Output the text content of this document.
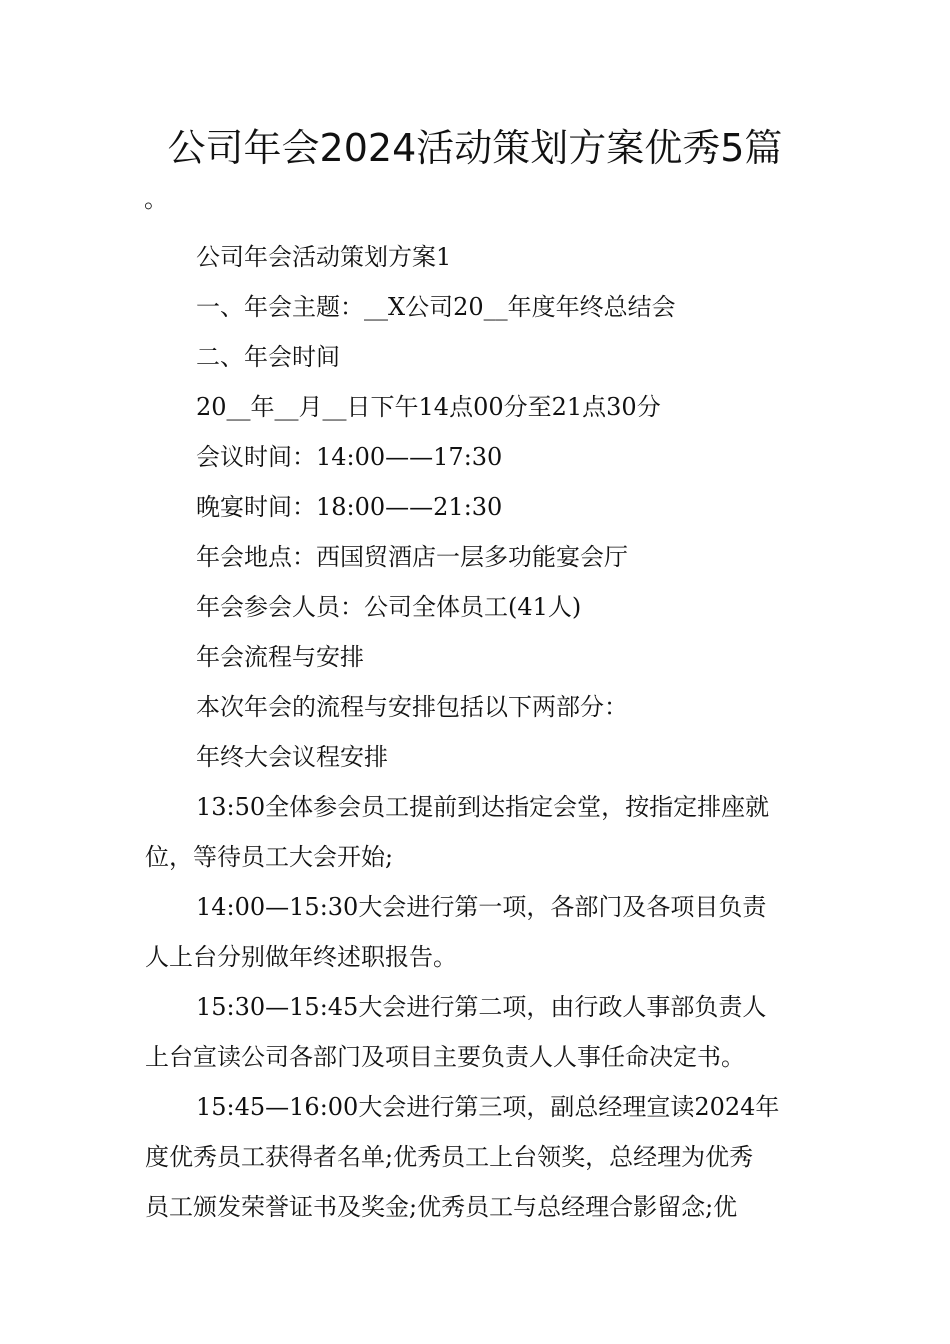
公司年会2024活动策划方案优秀5篇
。
公司年会活动策划方案1
一、年会主题：__X公司20__年度年终总结会
二、年会时间
20__年__月__日下午14点00分至21点30分
会议时间：14:00——17:30
晚宴时间：18:00——21:30
年会地点：西国贸酒店一层多功能宴会厅
年会参会人员：公司全体员工(41人)
年会流程与安排
本次年会的流程与安排包括以下两部分：
年终大会议程安排
13:50全体参会员工提前到达指定会堂，按指定排座就
位，等待员工大会开始;
14:00—15:30大会进行第一项，各部门及各项目负责
人上台分别做年终述职报告。
15:30—15:45大会进行第二项，由行政人事部负责人
上台宣读公司各部门及项目主要负责人人事任命决定书。
15:45—16:00大会进行第三项，副总经理宣读2024年
度优秀员工获得者名单;优秀员工上台领奖，总经理为优秀
员工颁发荣誉证书及奖金;优秀员工与总经理合影留念;优
